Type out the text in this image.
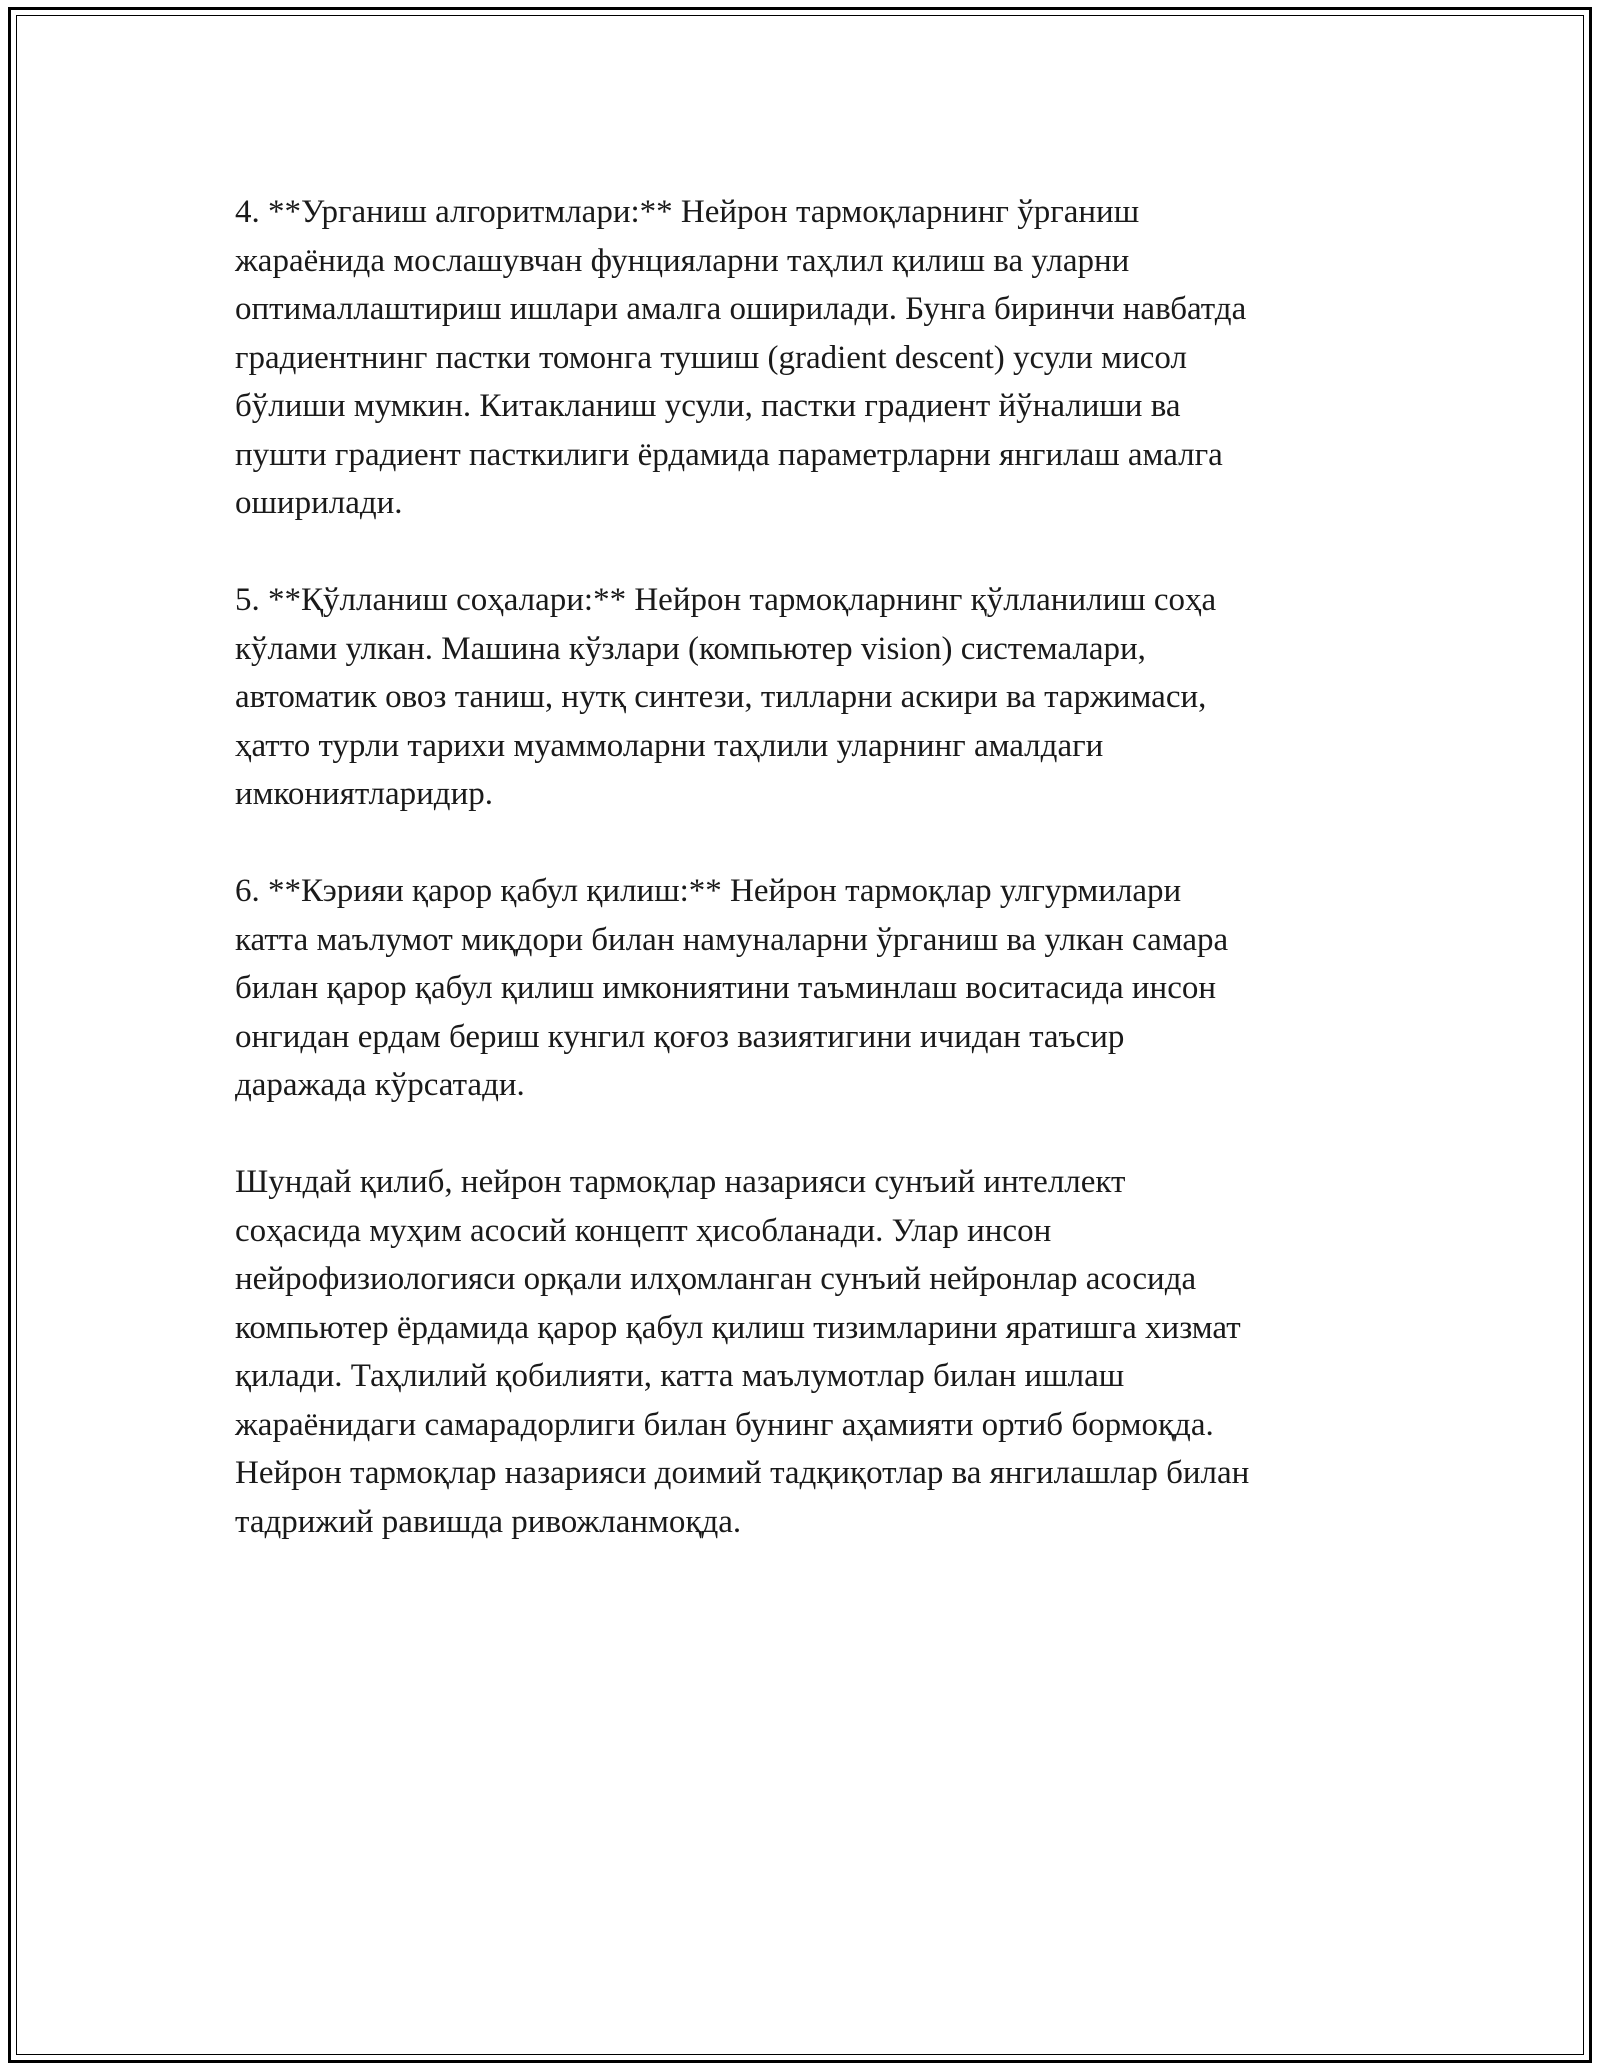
4. **Урганиш алгоритмлари:** Нейрон тармоқларнинг ўрганиш
жараёнида мослашувчан фунцияларни таҳлил қилиш ва уларни
оптималлаштириш ишлари амалга оширилади. Бунга биринчи навбатда
градиентнинг пастки томонга тушиш (gradient descent) усули мисол
бўлиши мумкин. Китакланиш усули, пастки градиент йўналиши ва
пушти градиент пасткилиги ёрдамида параметрларни янгилаш амалга
оширилади.

5. **Қўлланиш соҳалари:** Нейрон тармоқларнинг қўлланилиш соҳа
кўлами улкан. Машина кўзлари (компьютер vision) системалари,
автоматик овоз таниш, нутқ синтези, тилларни аскири ва таржимаси,
ҳатто турли тарихи муаммоларни таҳлили уларнинг амалдаги
имкониятларидир.

6. **Кэрияи қарор қабул қилиш:** Нейрон тармоқлар улгурмилари
катта маълумот миқдори билан намуналарни ўрганиш ва улкан самара
билан қарор қабул қилиш имкониятини таъминлаш воситасида инсон
онгидан ердам бериш кунгил қоғоз вазиятигини ичидан таъсир
даражада кўрсатади.

Шундай қилиб, нейрон тармоқлар назарияси сунъий интеллект
соҳасида муҳим асосий концепт ҳисобланади. Улар инсон
нейрофизиологияси орқали илҳомланган сунъий нейронлар асосида
компьютер ёрдамида қарор қабул қилиш тизимларини яратишга хизмат
қилади. Таҳлилий қобилияти, катта маълумотлар билан ишлаш
жараёнидаги самарадорлиги билан бунинг аҳамияти ортиб бормоқда.
Нейрон тармоқлар назарияси доимий тадқиқотлар ва янгилашлар билан
тадрижий равишда ривожланмоқда.
